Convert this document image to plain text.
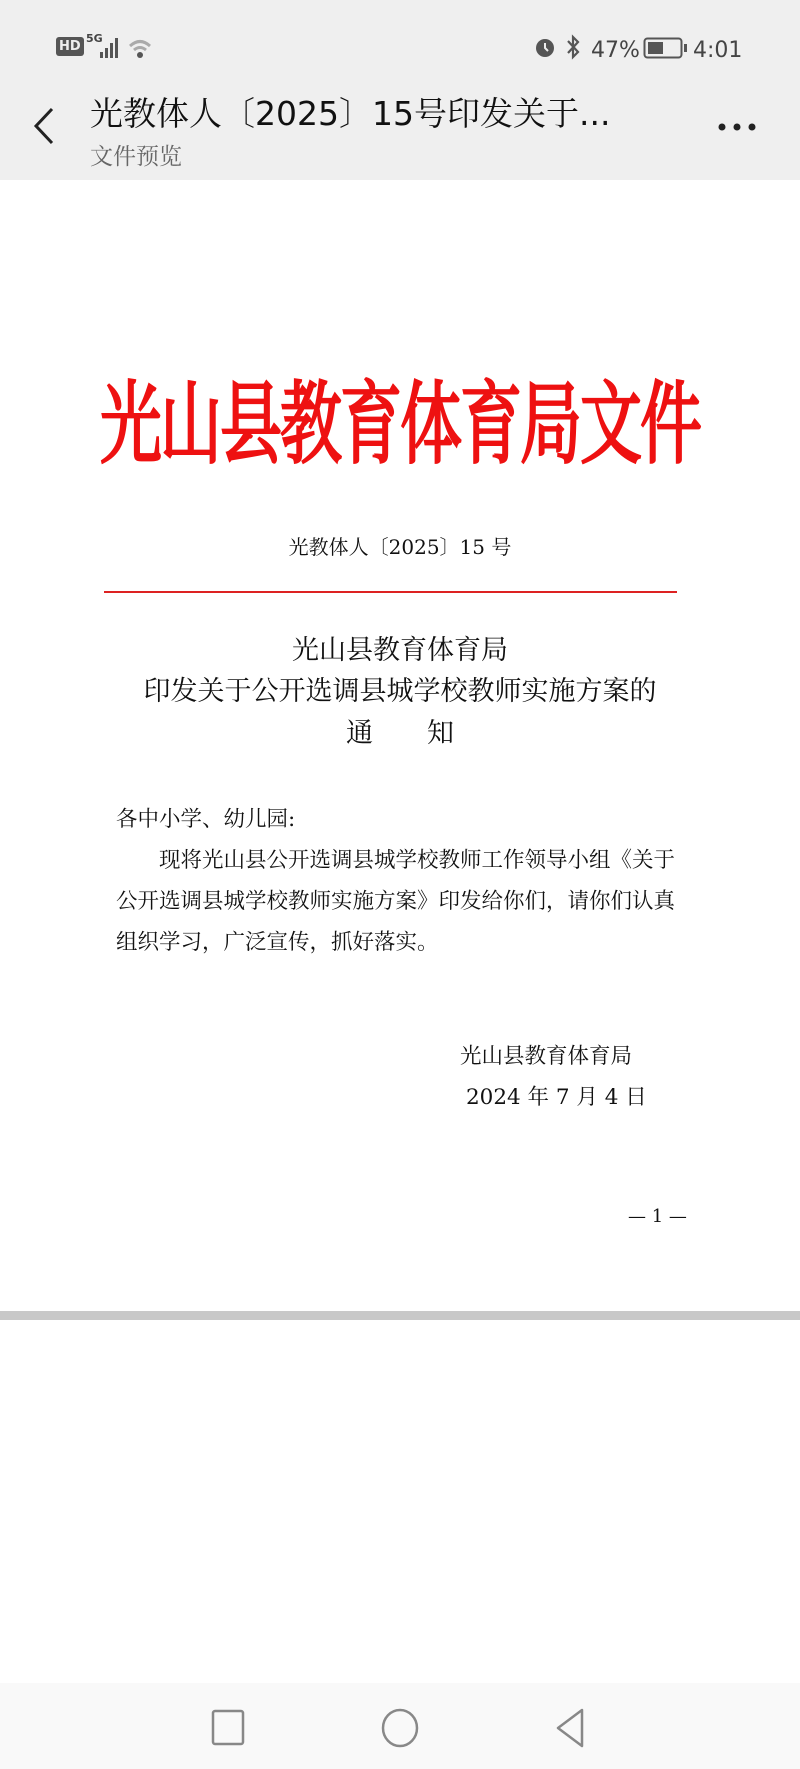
HD
5G	47% 4:01
光教体人〔2025〕15号印发关于...
文件预览
光山县教育体育局文件
光教体人〔2025〕15 号
光山县教育体育局
印发关于公开选调县城学校教师实施方案的
通　　知
各中小学、幼儿园:
现将光山县公开选调县城学校教师工作领导小组《关于
公开选调县城学校教师实施方案》印发给你们，请你们认真
组织学习，广泛宣传，抓好落实。
光山县教育体育局
2024 年 7 月 4 日
— 1 —
